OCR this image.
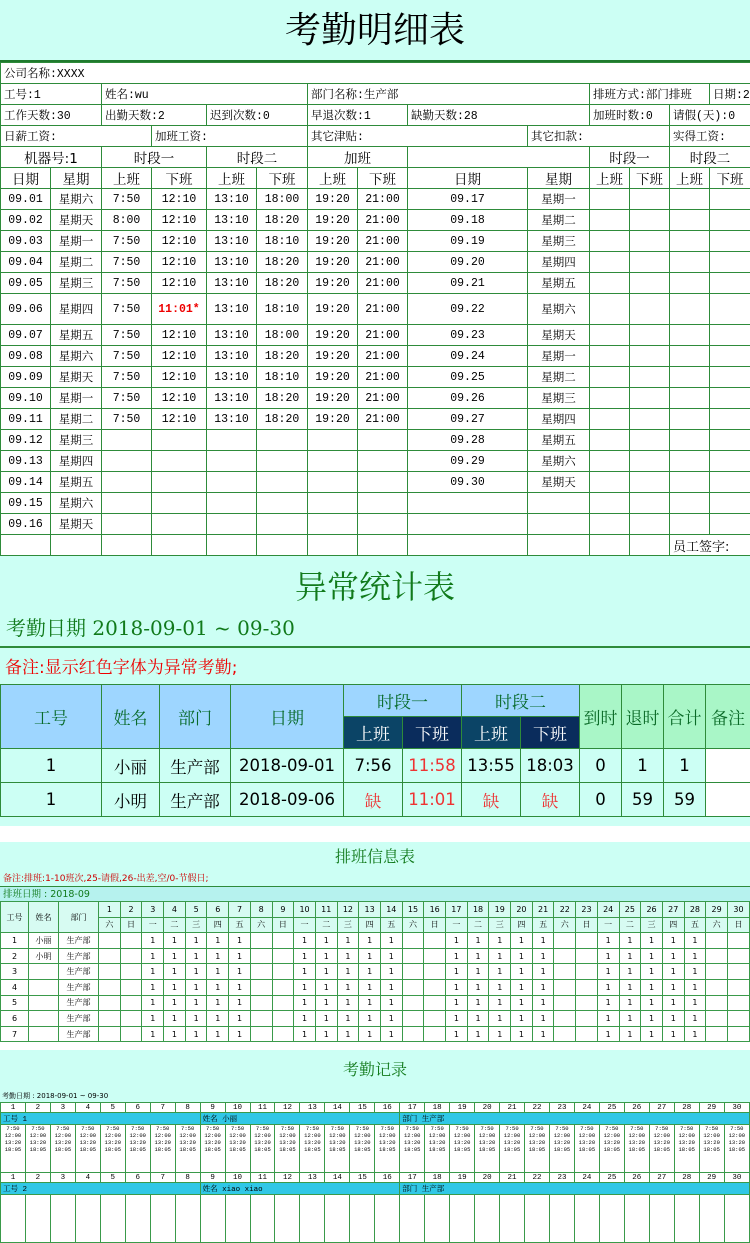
考勤明细表
公司名称:XXXX													
工号:1		姓名:wu				部门名称:生产部				排班方式:部门排班			日期:2
工作天数:30		出勤天数:2		迟到次数:0		早退次数:1		缺勤天数:28		加班时数:0		请假(天):0	
日薪工资:			加班工资:			其它津贴:			其它扣款:			实得工资:	
机器号:1		时段一		时段二		加班				时段一		时段二	
日期	星期	上班	下班	上班	下班	上班	下班	日期	星期	上班	下班	上班	下班
09.01	星期六	7:50	12:10	13:10	18:00	19:20	21:00	09.17	星期一				
09.02	星期天	8:00	12:10	13:10	18:20	19:20	21:00	09.18	星期二				
09.03	星期一	7:50	12:10	13:10	18:10	19:20	21:00	09.19	星期三				
09.04	星期二	7:50	12:10	13:10	18:20	19:20	21:00	09.20	星期四				
09.05	星期三	7:50	12:10	13:10	18:20	19:20	21:00	09.21	星期五				
09.06	星期四	7:50	11:01*	13:10	18:10	19:20	21:00	09.22	星期六				
09.07	星期五	7:50	12:10	13:10	18:00	19:20	21:00	09.23	星期天				
09.08	星期六	7:50	12:10	13:10	18:20	19:20	21:00	09.24	星期一				
09.09	星期天	7:50	12:10	13:10	18:10	19:20	21:00	09.25	星期二				
09.10	星期一	7:50	12:10	13:10	18:20	19:20	21:00	09.26	星期三				
09.11	星期二	7:50	12:10	13:10	18:20	19:20	21:00	09.27	星期四				
09.12	星期三							09.28	星期五				
09.13	星期四							09.29	星期六				
09.14	星期五							09.30	星期天				
09.15	星期六												
09.16	星期天												
												员工签字:	
异常统计表
考勤日期 2018-09-01 ~ 09-30
备注:显示红色字体为异常考勤;
工号	姓名	部门	日期	时段一		时段二		到时	退时	合计	备注
				上班	下班	上班	下班				
1	小丽	生产部	2018-09-01	7:56	11:58	13:55	18:03	0	1	1	
1	小明	生产部	2018-09-06	缺	11:01	缺	缺	0	59	59	
排班信息表
备注:排班:1-10班次,25-请假,26-出差,空/0-节假日;
排班日期 : 2018-09
工号	姓名	部门	1	2	3	4	5	6	7	8	9	10	11	12	13	14	15	16	17	18	19	20	21	22	23	24	25	26	27	28	29	30
			六	日	一	二	三	四	五	六	日	一	二	三	四	五	六	日	一	二	三	四	五	六	日	一	二	三	四	五	六	日
1	小丽	生产部			1	1	1	1	1			1	1	1	1	1			1	1	1	1	1			1	1	1	1	1		
2	小明	生产部			1	1	1	1	1			1	1	1	1	1			1	1	1	1	1			1	1	1	1	1		
3		生产部			1	1	1	1	1			1	1	1	1	1			1	1	1	1	1			1	1	1	1	1		
4		生产部			1	1	1	1	1			1	1	1	1	1			1	1	1	1	1			1	1	1	1	1		
5		生产部			1	1	1	1	1			1	1	1	1	1			1	1	1	1	1			1	1	1	1	1		
6		生产部			1	1	1	1	1			1	1	1	1	1			1	1	1	1	1			1	1	1	1	1		
7		生产部			1	1	1	1	1			1	1	1	1	1			1	1	1	1	1			1	1	1	1	1		
考勤记录
考勤日期 : 2018-09-01 ~ 09-30
1	2	3	4	5	6	7	8	9	10	11	12	13	14	15	16	17	18	19	20	21	22	23	24	25	26	27	28	29	30
工号 1								姓名 小丽								部门 生产部													
7:50 12:00 13:20 18:05	7:50 12:00 13:20 18:05	7:50 12:00 13:20 18:05	7:50 12:00 13:20 18:05	7:50 12:00 13:20 18:05	7:50 12:00 13:20 18:05	7:50 12:00 13:20 18:05	7:50 12:00 13:20 18:05	7:50 12:00 13:20 18:05	7:50 12:00 13:20 18:05	7:50 12:00 13:20 18:05	7:50 12:00 13:20 18:05	7:50 12:00 13:20 18:05	7:50 12:00 13:20 18:05	7:50 12:00 13:20 18:05	7:50 12:00 13:20 18:05	7:50 12:00 13:20 18:05	7:50 12:00 13:20 18:05	7:50 12:00 13:20 18:05	7:50 12:00 13:20 18:05	7:50 12:00 13:20 18:05	7:50 12:00 13:20 18:05	7:50 12:00 13:20 18:05	7:50 12:00 13:20 18:05	7:50 12:00 13:20 18:05	7:50 12:00 13:20 18:05	7:50 12:00 13:20 18:05	7:50 12:00 13:20 18:05	7:50 12:00 13:20 18:05	7:50 12:00 13:20 18:05
1	2	3	4	5	6	7	8	9	10	11	12	13	14	15	16	17	18	19	20	21	22	23	24	25	26	27	28	29	30
工号 2								姓名 xiao xiao								部门 生产部													
